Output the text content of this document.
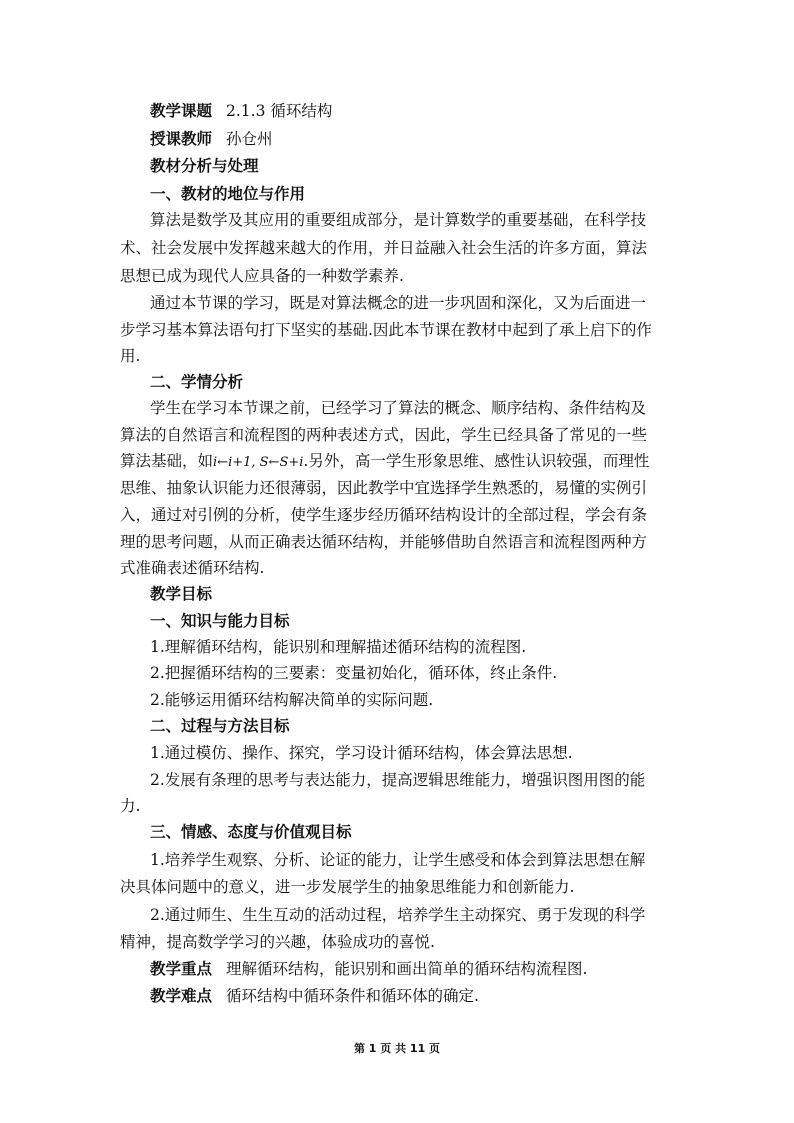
教学课题 2.1.3 循环结构
授课教师 孙仓州
教材分析与处理
一、教材的地位与作用
算法是数学及其应用的重要组成部分，是计算数学的重要基础，在科学技
术、社会发展中发挥越来越大的作用，并日益融入社会生活的许多方面，算法
思想已成为现代人应具备的一种数学素养.
通过本节课的学习，既是对算法概念的进一步巩固和深化，又为后面进一
步学习基本算法语句打下坚实的基础.因此本节课在教材中起到了承上启下的作
用.
二、学情分析
学生在学习本节课之前，已经学习了算法的概念、顺序结构、条件结构及
算法的自然语言和流程图的两种表述方式，因此，学生已经具备了常见的一些
算法基础，如i←i+1, S←S+i.另外，高一学生形象思维、感性认识较强，而理性
思维、抽象认识能力还很薄弱，因此教学中宜选择学生熟悉的，易懂的实例引
入，通过对引例的分析，使学生逐步经历循环结构设计的全部过程，学会有条
理的思考问题，从而正确表达循环结构，并能够借助自然语言和流程图两种方
式准确表述循环结构.
教学目标
一、知识与能力目标
1.理解循环结构，能识别和理解描述循环结构的流程图.
2.把握循环结构的三要素：变量初始化，循环体，终止条件.
2.能够运用循环结构解决简单的实际问题.
二、过程与方法目标
1.通过模仿、操作、探究，学习设计循环结构，体会算法思想.
2.发展有条理的思考与表达能力，提高逻辑思维能力，增强识图用图的能
力.
三、情感、态度与价值观目标
1.培养学生观察、分析、论证的能力，让学生感受和体会到算法思想在解
决具体问题中的意义，进一步发展学生的抽象思维能力和创新能力.
2.通过师生、生生互动的活动过程，培养学生主动探究、勇于发现的科学
精神，提高数学学习的兴趣，体验成功的喜悦.
教学重点 理解循环结构，能识别和画出简单的循环结构流程图.
教学难点 循环结构中循环条件和循环体的确定.
第 1 页 共 11 页
